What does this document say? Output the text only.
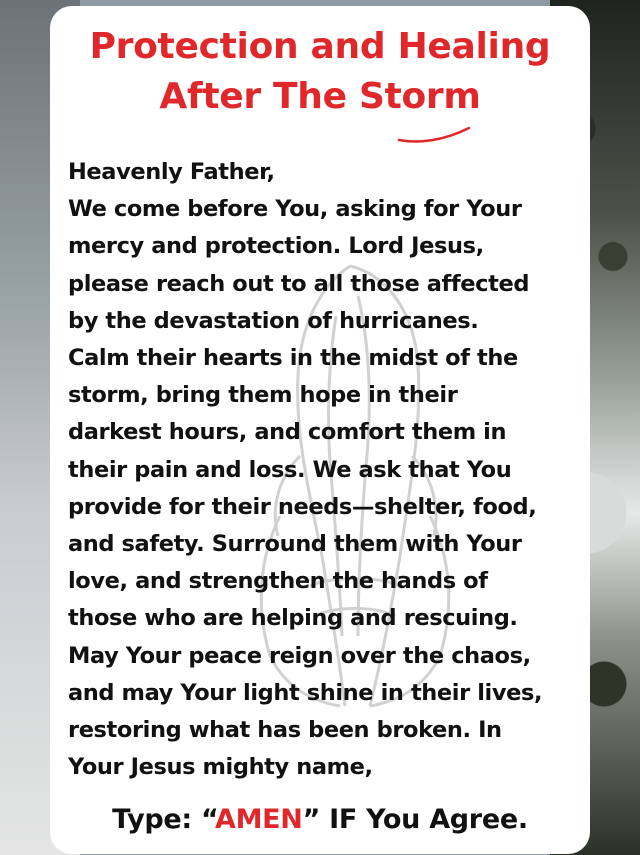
Protection and Healing
After The Storm
Heavenly Father,
We come before You, asking for Your
mercy and protection. Lord Jesus,
please reach out to all those affected
by the devastation of hurricanes.
Calm their hearts in the midst of the
storm, bring them hope in their
darkest hours, and comfort them in
their pain and loss. We ask that You
provide for their needs—shelter, food,
and safety. Surround them with Your
love, and strengthen the hands of
those who are helping and rescuing.
May Your peace reign over the chaos,
and may Your light shine in their lives,
restoring what has been broken. In
Your Jesus mighty name,
Type: “AMEN” IF You Agree.
